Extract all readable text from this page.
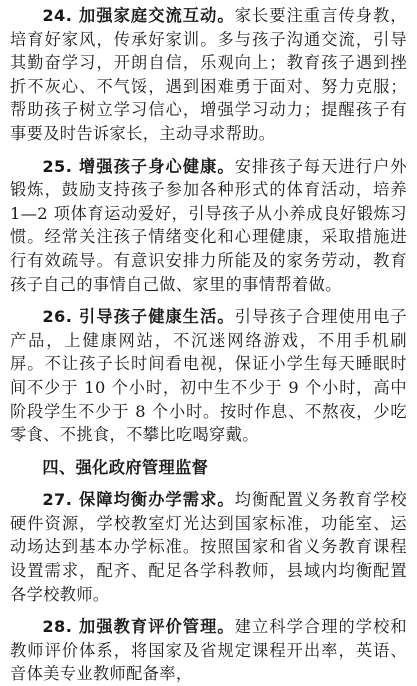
24. 加强家庭交流互动。家长要注重言传身教，培育好家风，传承好家训。多与孩子沟通交流，引导其勤奋学习，开朗自信，乐观向上；教育孩子遇到挫折不灰心、不气馁，遇到困难勇于面对、努力克服；帮助孩子树立学习信心，增强学习动力；提醒孩子有事要及时告诉家长，主动寻求帮助。

25. 增强孩子身心健康。安排孩子每天进行户外锻炼，鼓励支持孩子参加各种形式的体育活动，培养 1—2 项体育运动爱好，引导孩子从小养成良好锻炼习惯。经常关注孩子情绪变化和心理健康，采取措施进行有效疏导。有意识安排力所能及的家务劳动，教育孩子自己的事情自己做、家里的事情帮着做。

26. 引导孩子健康生活。引导孩子合理使用电子产品，上健康网站，不沉迷网络游戏，不用手机刷屏。不让孩子长时间看电视，保证小学生每天睡眠时间不少于 10 个小时，初中生不少于 9 个小时，高中阶段学生不少于 8 个小时。按时作息、不熬夜，少吃零食、不挑食，不攀比吃喝穿戴。

四、强化政府管理监督

27. 保障均衡办学需求。均衡配置义务教育学校硬件资源，学校教室灯光达到国家标准，功能室、运动场达到基本办学标准。按照国家和省义务教育课程设置需求，配齐、配足各学科教师，县域内均衡配置各学校教师。

28. 加强教育评价管理。建立科学合理的学校和教师评价体系，将国家及省规定课程开出率，英语、音体美专业教师配备率，
